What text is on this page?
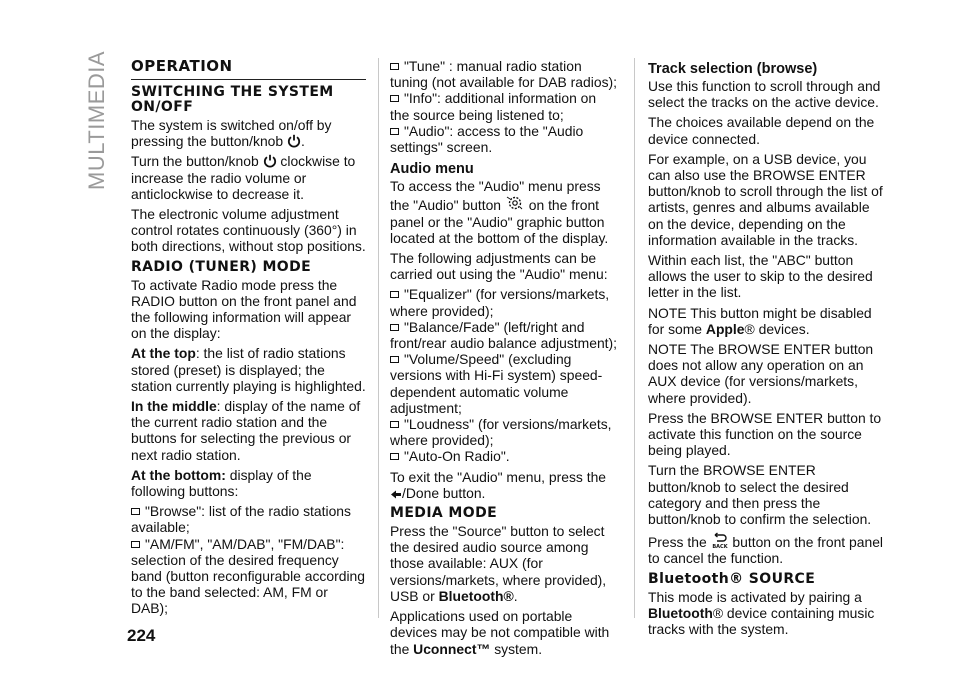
MULTIMEDIA
224
OPERATION
SWITCHING THE SYSTEM ON/OFF

The system is switched on/off by pressing the button/knob .

Turn the button/knob clockwise to increase the radio volume or anticlockwise to decrease it.

The electronic volume adjustment control rotates continuously (360°) in both directions, without stop positions.

RADIO (TUNER) MODE

To activate Radio mode press the RADIO button on the front panel and the following information will appear on the display:

At the top: the list of radio stations stored (preset) is displayed; the station currently playing is highlighted.

In the middle: display of the name of the current radio station and the buttons for selecting the previous or next radio station.

At the bottom: display of the following buttons:

"Browse": list of the radio stations available;
"AM/FM", "AM/DAB", "FM/DAB": selection of the desired frequency band (button reconfigurable according to the band selected: AM, FM or DAB);
"Tune" : manual radio station tuning (not available for DAB radios);
"Info": additional information on the source being listened to;
"Audio": access to the "Audio settings" screen.
Audio menu

To access the "Audio" menu press the "Audio" button on the front panel or the "Audio" graphic button located at the bottom of the display.

The following adjustments can be carried out using the "Audio" menu:

"Equalizer" (for versions/markets, where provided);
"Balance/Fade" (left/right and front/rear audio balance adjustment);
"Volume/Speed" (excluding versions with Hi-Fi system) speed-dependent automatic volume adjustment;
"Loudness" (for versions/markets, where provided);
"Auto-On Radio".

To exit the "Audio" menu, press the
/Done button.

MEDIA MODE

Press the "Source" button to select the desired audio source among those available: AUX (for versions/markets, where provided), USB or Bluetooth®.

Applications used on portable devices may be not compatible with the Uconnect™ system.

Track selection (browse)

Use this function to scroll through and select the tracks on the active device.

The choices available depend on the device connected.

For example, on a USB device, you can also use the BROWSE ENTER button/knob to scroll through the list of artists, genres and albums available on the device, depending on the information available in the tracks.

Within each list, the "ABC" button allows the user to skip to the desired letter in the list.

NOTE This button might be disabled for some Apple® devices.

NOTE The BROWSE ENTER button does not allow any operation on an AUX device (for versions/markets, where provided).

Press the BROWSE ENTER button to activate this function on the source being played.

Turn the BROWSE ENTER button/knob to select the desired category and then press the button/knob to confirm the selection.

Press the BACK button on the front panel to cancel the function.

Bluetooth® SOURCE

This mode is activated by pairing a Bluetooth® device containing music tracks with the system.
